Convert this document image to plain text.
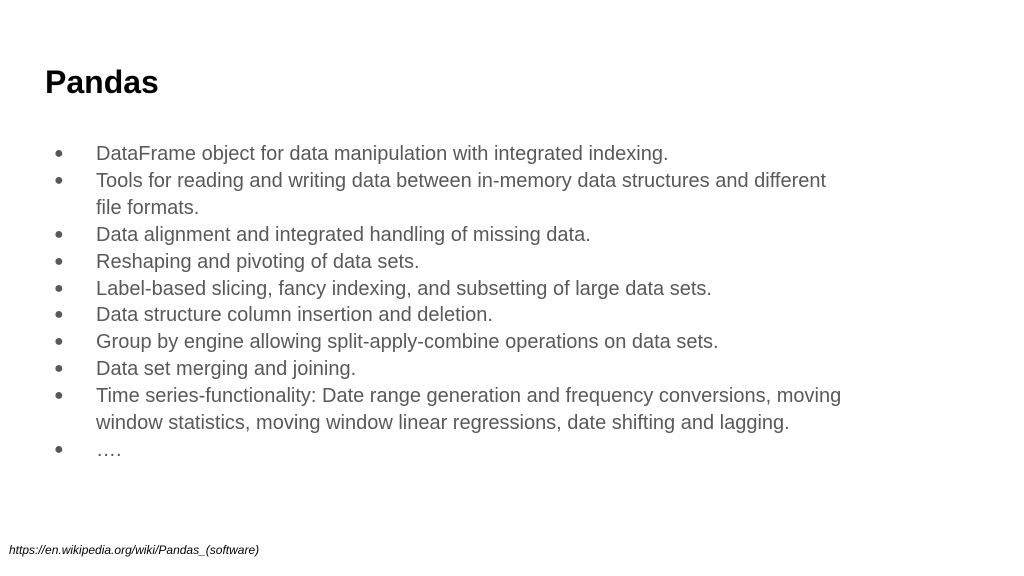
Pandas
● DataFrame object for data manipulation with integrated indexing.
● Tools for reading and writing data between in-memory data structures and different file formats.
● Data alignment and integrated handling of missing data.
● Reshaping and pivoting of data sets.
● Label-based slicing, fancy indexing, and subsetting of large data sets.
● Data structure column insertion and deletion.
● Group by engine allowing split-apply-combine operations on data sets.
● Data set merging and joining.
● Time series-functionality: Date range generation and frequency conversions, moving window statistics, moving window linear regressions, date shifting and lagging.
● ….
https://en.wikipedia.org/wiki/Pandas_(software)
